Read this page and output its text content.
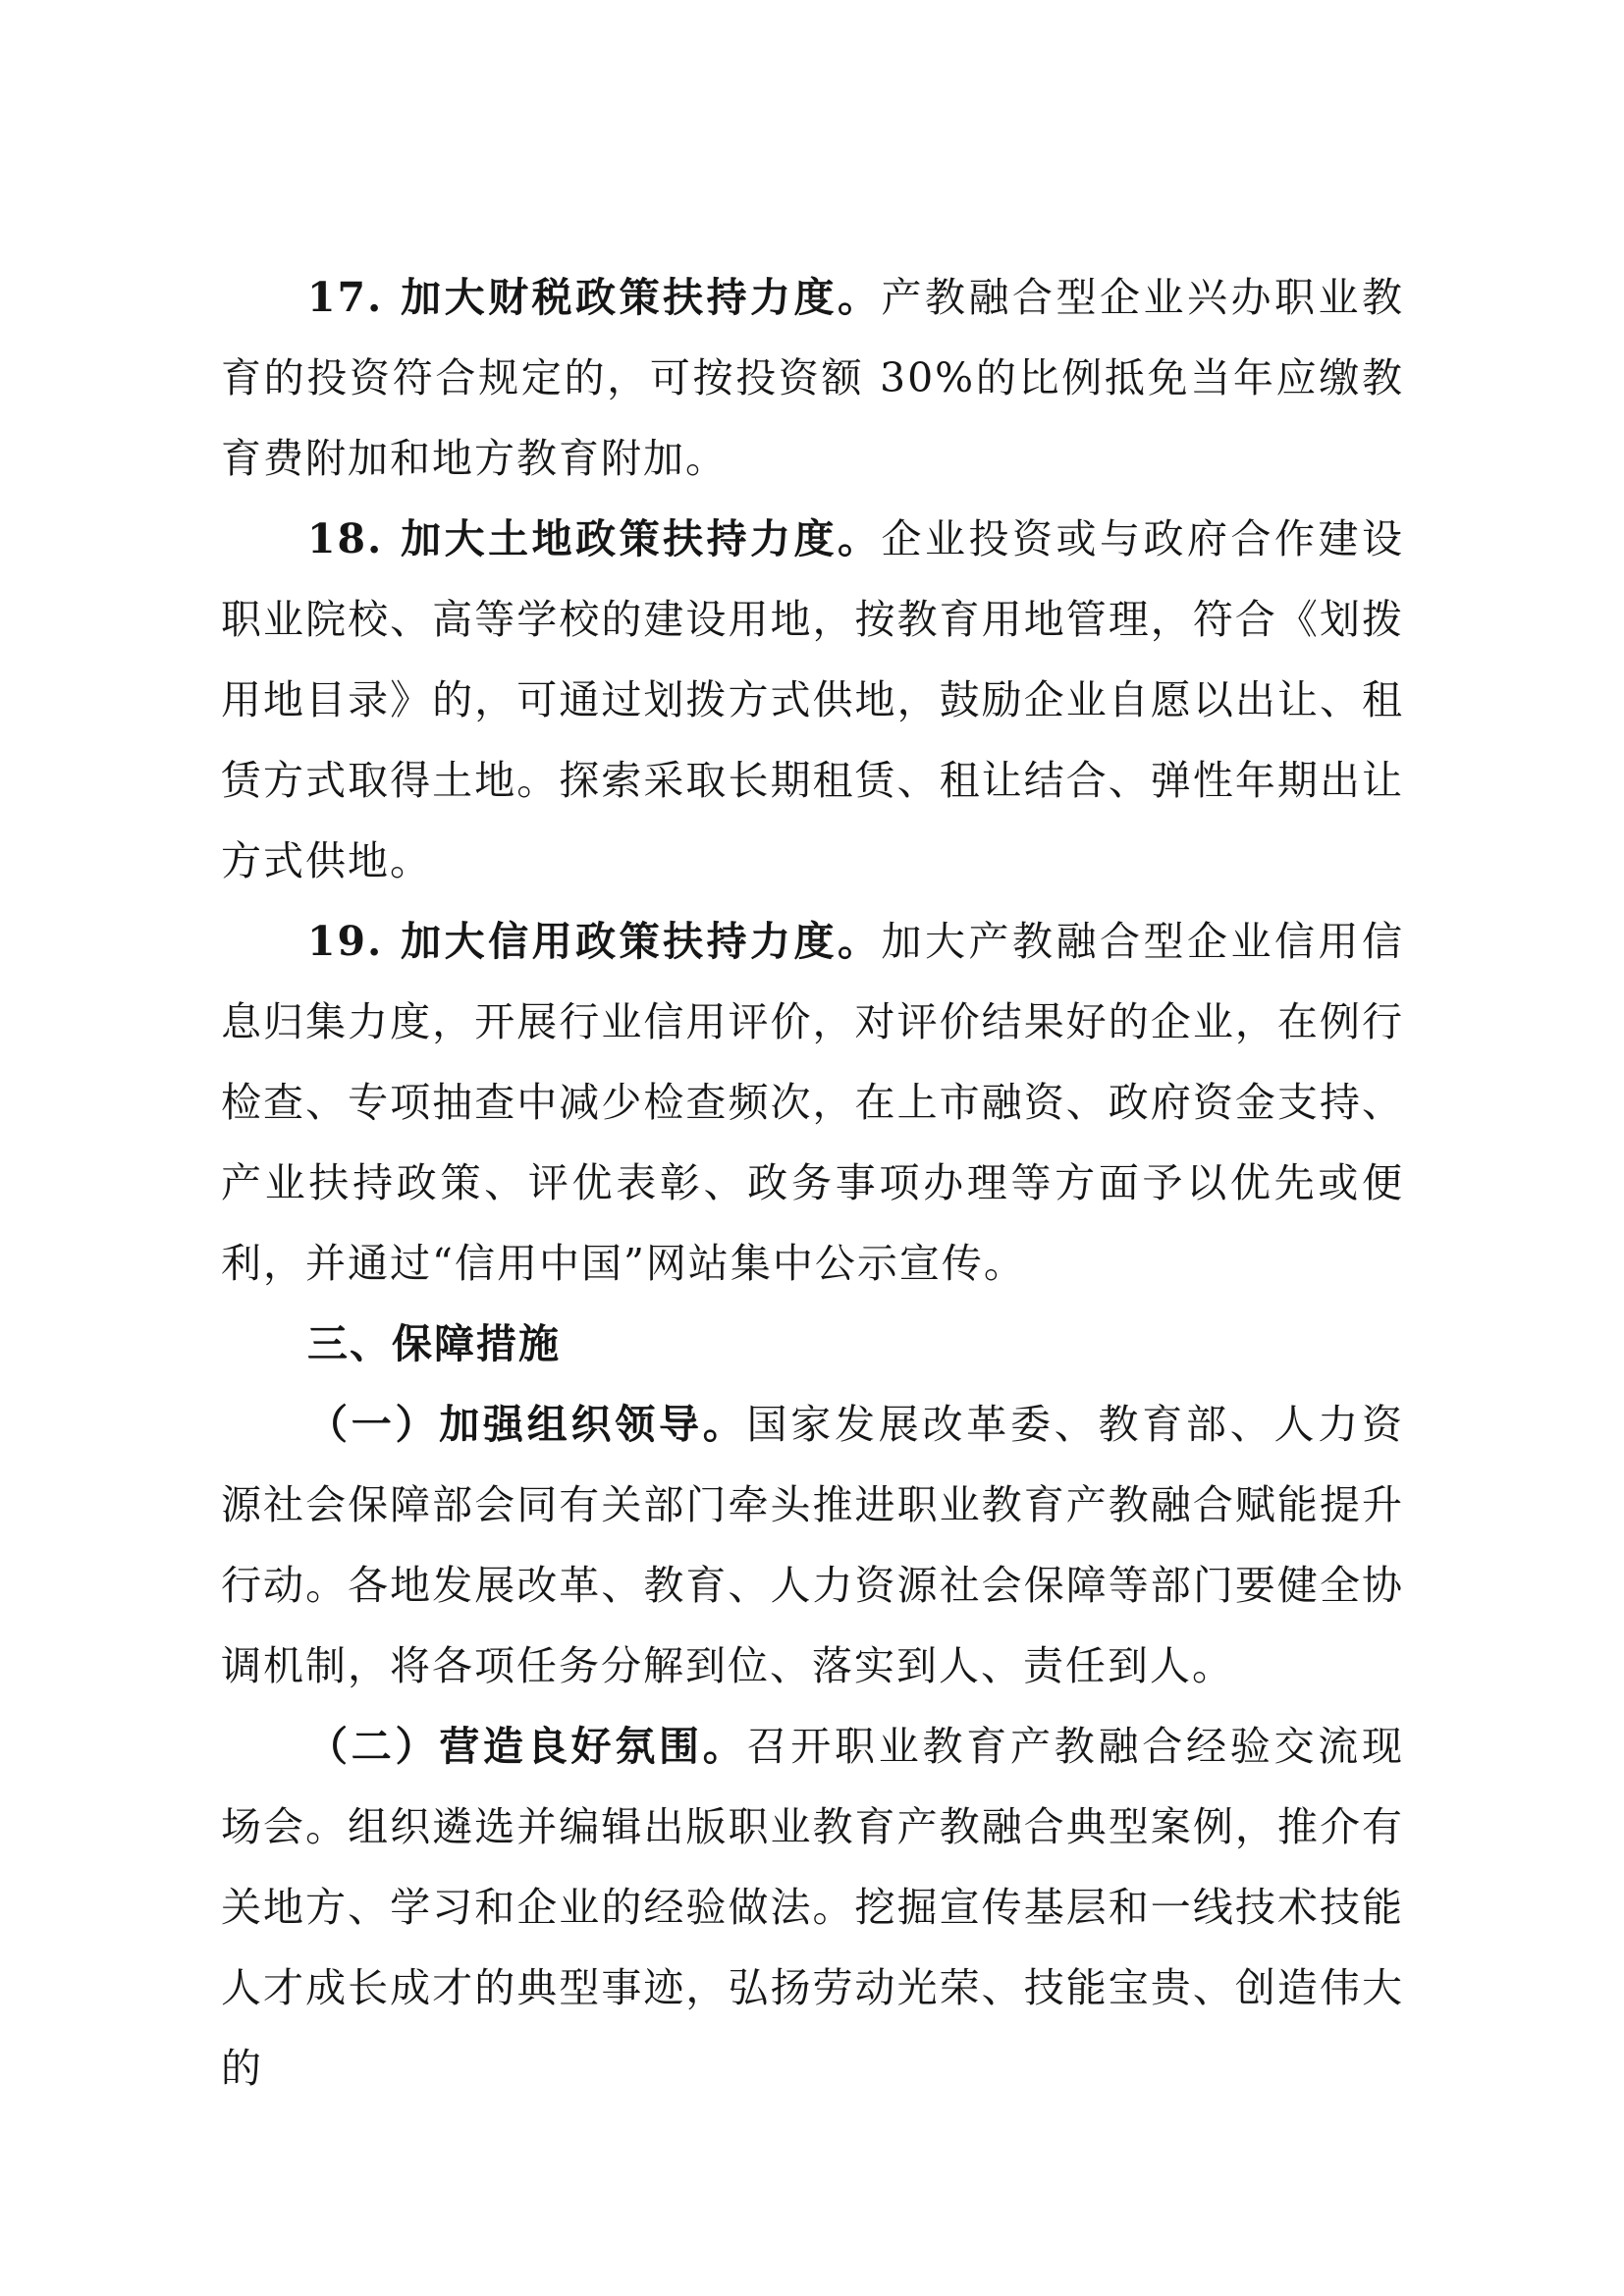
17. 加大财税政策扶持力度。产教融合型企业兴办职业教育的投资符合规定的，可按投资额 30%的比例抵免当年应缴教育费附加和地方教育附加。

18. 加大土地政策扶持力度。企业投资或与政府合作建设职业院校、高等学校的建设用地，按教育用地管理，符合《划拨用地目录》的，可通过划拨方式供地，鼓励企业自愿以出让、租赁方式取得土地。探索采取长期租赁、租让结合、弹性年期出让方式供地。

19. 加大信用政策扶持力度。加大产教融合型企业信用信息归集力度，开展行业信用评价，对评价结果好的企业，在例行检查、专项抽查中减少检查频次，在上市融资、政府资金支持、产业扶持政策、评优表彰、政务事项办理等方面予以优先或便利，并通过“信用中国”网站集中公示宣传。

三、保障措施

（一）加强组织领导。国家发展改革委、教育部、人力资源社会保障部会同有关部门牵头推进职业教育产教融合赋能提升行动。各地发展改革、教育、人力资源社会保障等部门要健全协调机制，将各项任务分解到位、落实到人、责任到人。

（二）营造良好氛围。召开职业教育产教融合经验交流现场会。组织遴选并编辑出版职业教育产教融合典型案例，推介有关地方、学习和企业的经验做法。挖掘宣传基层和一线技术技能人才成长成才的典型事迹，弘扬劳动光荣、技能宝贵、创造伟大的
